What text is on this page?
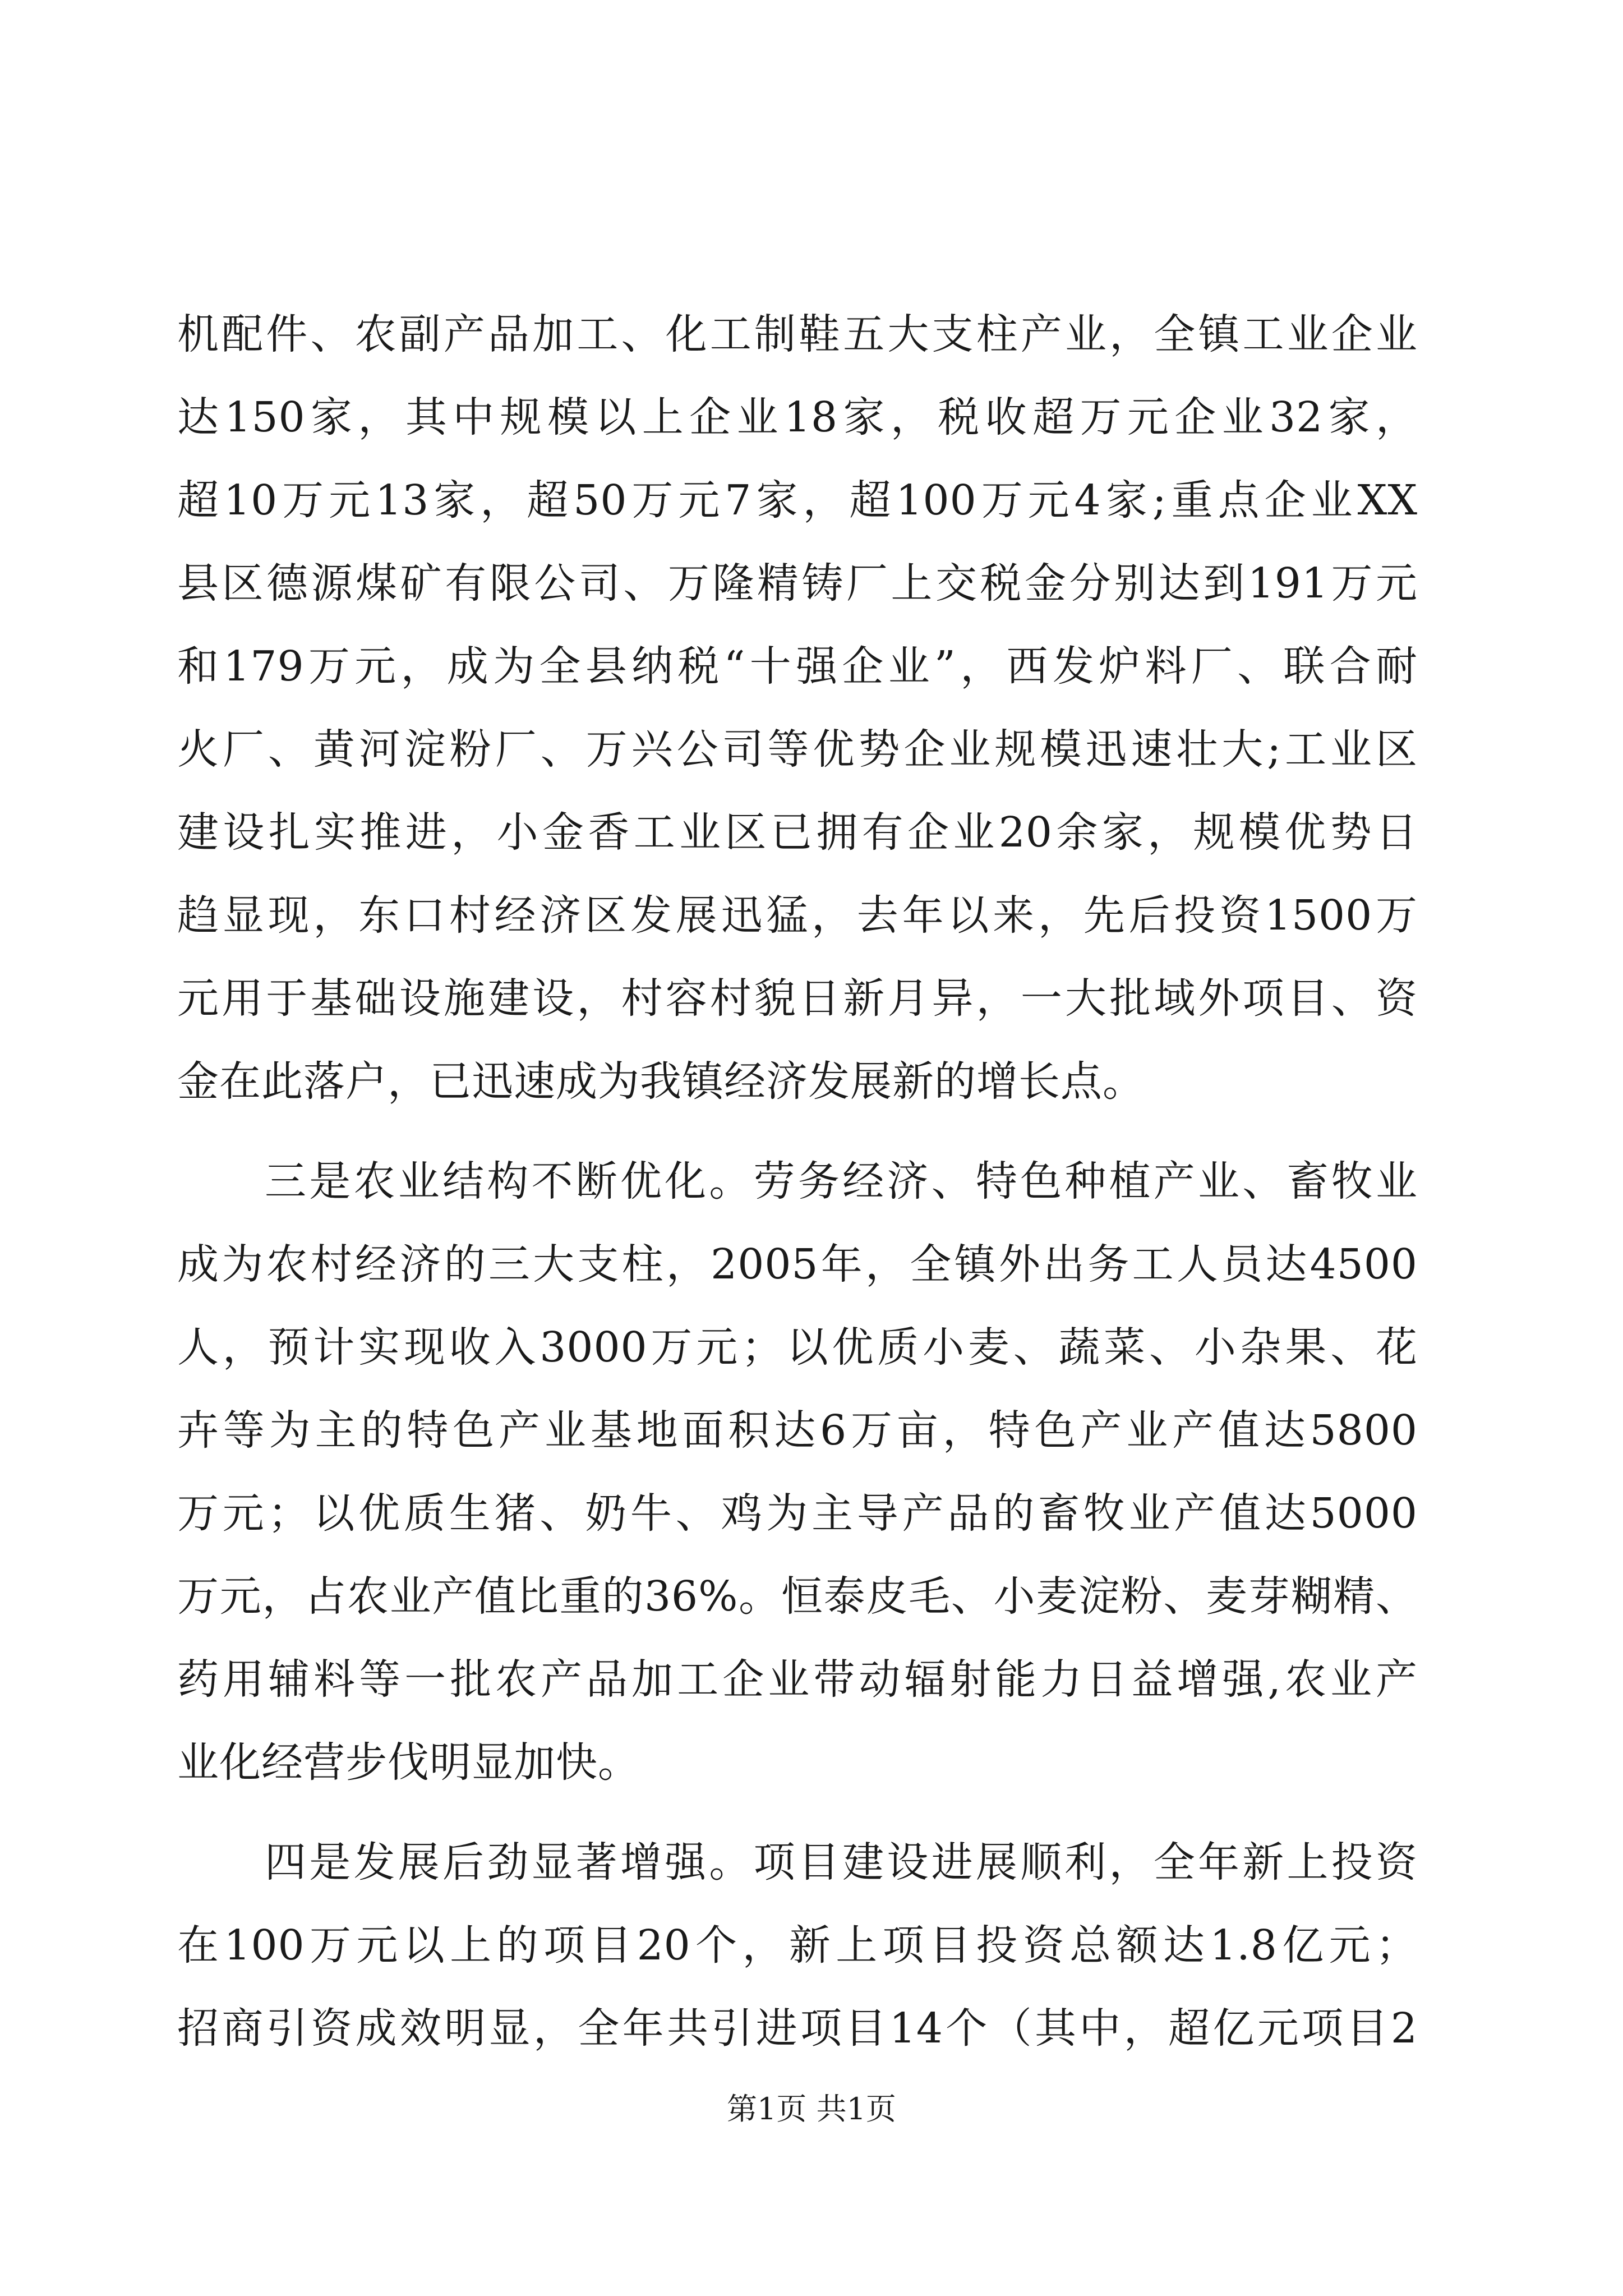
机配件、农副产品加工、化工制鞋五大支柱产业，全镇工业企业
达150家，其中规模以上企业18家，税收超万元企业32家，
超10万元13家，超50万元7家，超100万元4家;重点企业XX
县区德源煤矿有限公司、万隆精铸厂上交税金分别达到191万元
和179万元，成为全县纳税“十强企业”，西发炉料厂、联合耐
火厂、黄河淀粉厂、万兴公司等优势企业规模迅速壮大;工业区
建设扎实推进，小金香工业区已拥有企业20余家，规模优势日
趋显现，东口村经济区发展迅猛，去年以来，先后投资1500万
元用于基础设施建设，村容村貌日新月异，一大批域外项目、资
金在此落户，已迅速成为我镇经济发展新的增长点。
三是农业结构不断优化。劳务经济、特色种植产业、畜牧业
成为农村经济的三大支柱，2005年，全镇外出务工人员达4500
人，预计实现收入3000万元；以优质小麦、蔬菜、小杂果、花
卉等为主的特色产业基地面积达6万亩，特色产业产值达5800
万元；以优质生猪、奶牛、鸡为主导产品的畜牧业产值达5000
万元，占农业产值比重的36%。恒泰皮毛、小麦淀粉、麦芽糊精、
药用辅料等一批农产品加工企业带动辐射能力日益增强,农业产
业化经营步伐明显加快。
四是发展后劲显著增强。项目建设进展顺利，全年新上投资
在100万元以上的项目20个，新上项目投资总额达1.8亿元；
招商引资成效明显，全年共引进项目14个（其中，超亿元项目2
第1页 共1页
